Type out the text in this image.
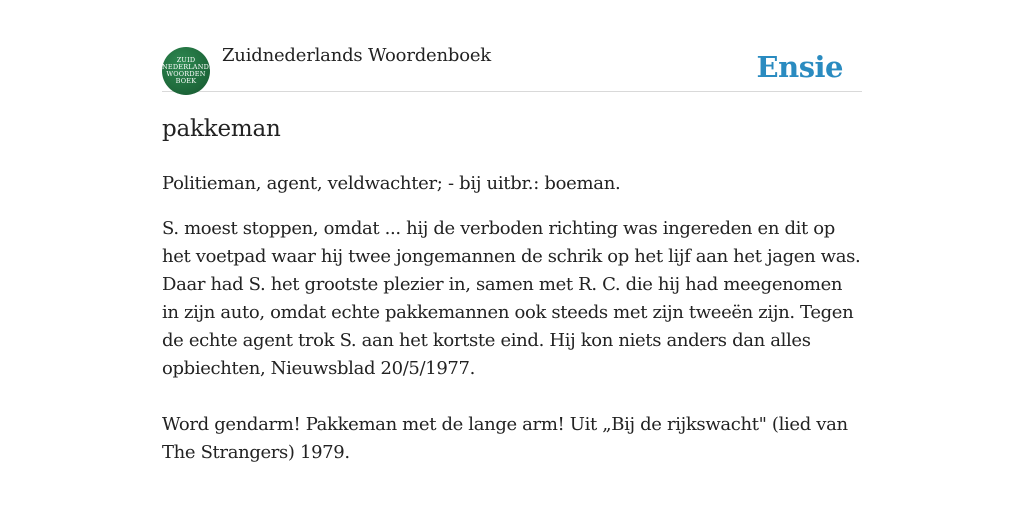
ZUID
NEDERLANDS
WOORDEN
BOEK
Zuidnederlands Woordenboek	Ensie
pakkeman

Politieman, agent, veldwachter; - bij uitbr.: boeman.

S. moest stoppen, omdat ... hij de verboden richting was ingereden en dit op het voetpad waar hij twee jongemannen de schrik op het lijf aan het jagen was. Daar had S. het grootste plezier in, samen met R. C. die hij had meegenomen in zijn auto, omdat echte pakkemannen ook steeds met zijn tweeën zijn. Tegen de echte agent trok S. aan het kortste eind. Hij kon niets anders dan alles opbiechten, Nieuwsblad 20/5/1977.

Word gendarm! Pakkeman met de lange arm! Uit „Bij de rijkswacht" (lied van The Strangers) 1979.
